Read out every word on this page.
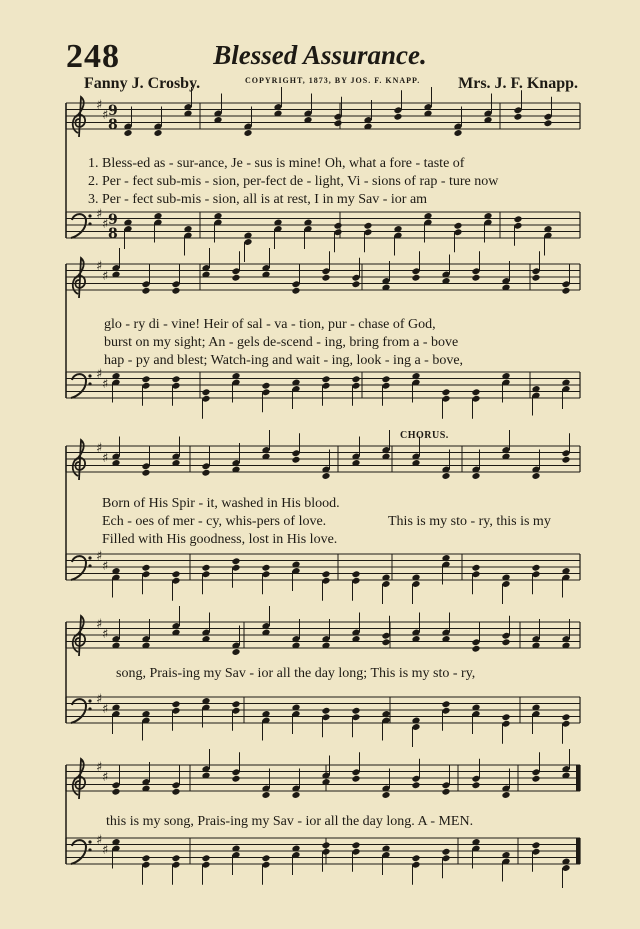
248	Blessed Assurance.
Fanny J. Crosby.	COPYRIGHT, 1873, BY JOS. F. KNAPP. Mrs. J. F. Knapp.
♯
♯ 9
8
♯
♯ 9
8
♯
♯
♯
♯
♯
♯
♯
♯
♯
♯
♯
♯
♯
♯
♯
♯
1. Bless-ed as - sur-ance, Je - sus is mine! Oh, what a fore - taste of
2. Per - fect sub-mis - sion, per-fect de - light, Vi - sions of rap - ture now
3. Per - fect sub-mis - sion, all is at rest, I in my Sav - ior am
glo - ry di - vine! Heir of sal - va - tion, pur - chase of God,
burst on my sight; An - gels de-scend - ing, bring from a - bove
hap - py and blest; Watch-ing and wait - ing, look - ing a - bove,
CHORUS.
Born of His Spir - it, washed in His blood.
Ech - oes of mer - cy, whis-pers of love.
Filled with His goodness, lost in His love.
This is my sto - ry, this is my
song, Prais-ing my Sav - ior all the day long; This is my sto - ry,
this is my song, Prais-ing my Sav - ior all the day long. A - MEN.
